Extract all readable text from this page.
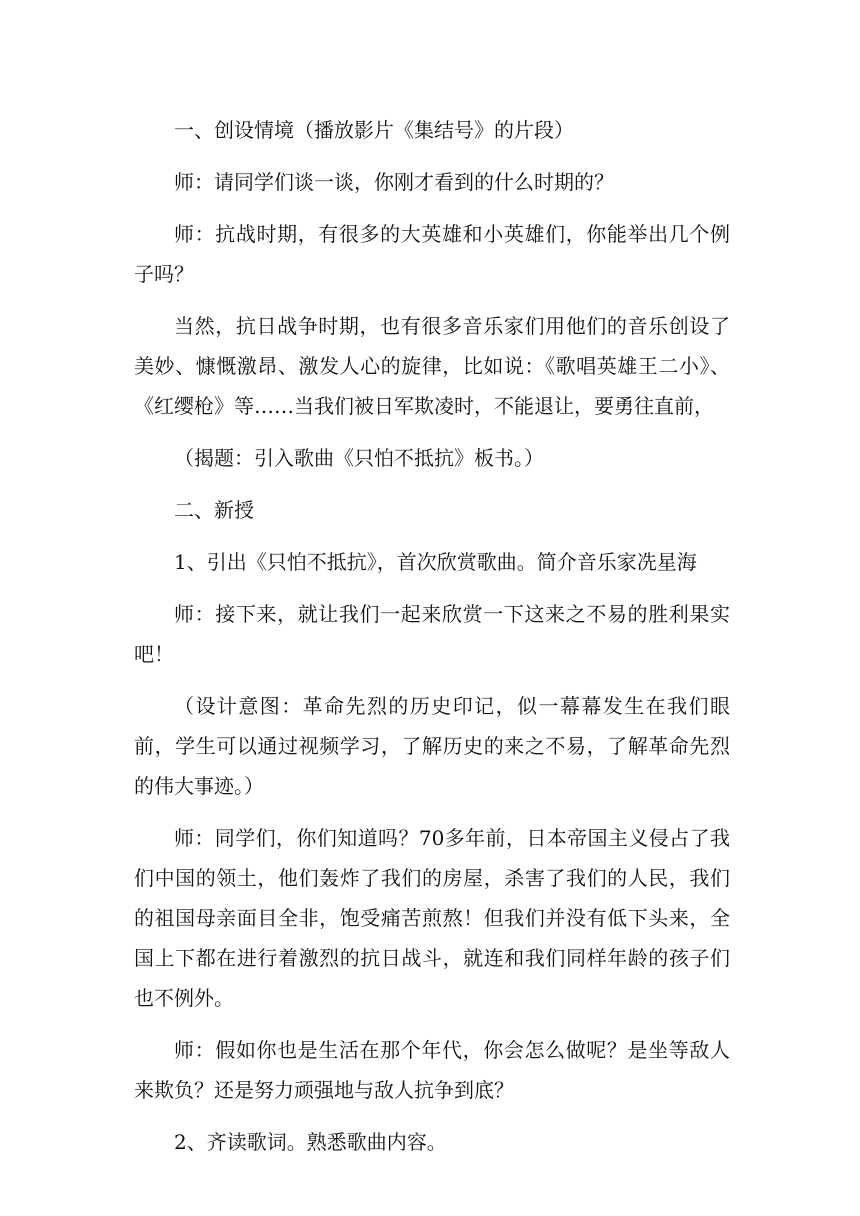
一、创设情境（播放影片《集结号》的片段）

师：请同学们谈一谈，你刚才看到的什么时期的？

师：抗战时期，有很多的大英雄和小英雄们，你能举出几个例子吗？

当然，抗日战争时期，也有很多音乐家们用他们的音乐创设了美妙、慷慨激昂、激发人心的旋律，比如说：《歌唱英雄王二小》、《红缨枪》等……当我们被日军欺凌时，不能退让，要勇往直前，

（揭题：引入歌曲《只怕不抵抗》板书。）

二、新授

1、引出《只怕不抵抗》，首次欣赏歌曲。简介音乐家冼星海

师：接下来，就让我们一起来欣赏一下这来之不易的胜利果实吧！

（设计意图：革命先烈的历史印记，似一幕幕发生在我们眼前，学生可以通过视频学习，了解历史的来之不易，了解革命先烈的伟大事迹。）

师：同学们，你们知道吗？70多年前，日本帝国主义侵占了我们中国的领土，他们轰炸了我们的房屋，杀害了我们的人民，我们的祖国母亲面目全非，饱受痛苦煎熬！但我们并没有低下头来，全国上下都在进行着激烈的抗日战斗，就连和我们同样年龄的孩子们也不例外。

师：假如你也是生活在那个年代，你会怎么做呢？是坐等敌人来欺负？还是努力顽强地与敌人抗争到底？

2、齐读歌词。熟悉歌曲内容。
